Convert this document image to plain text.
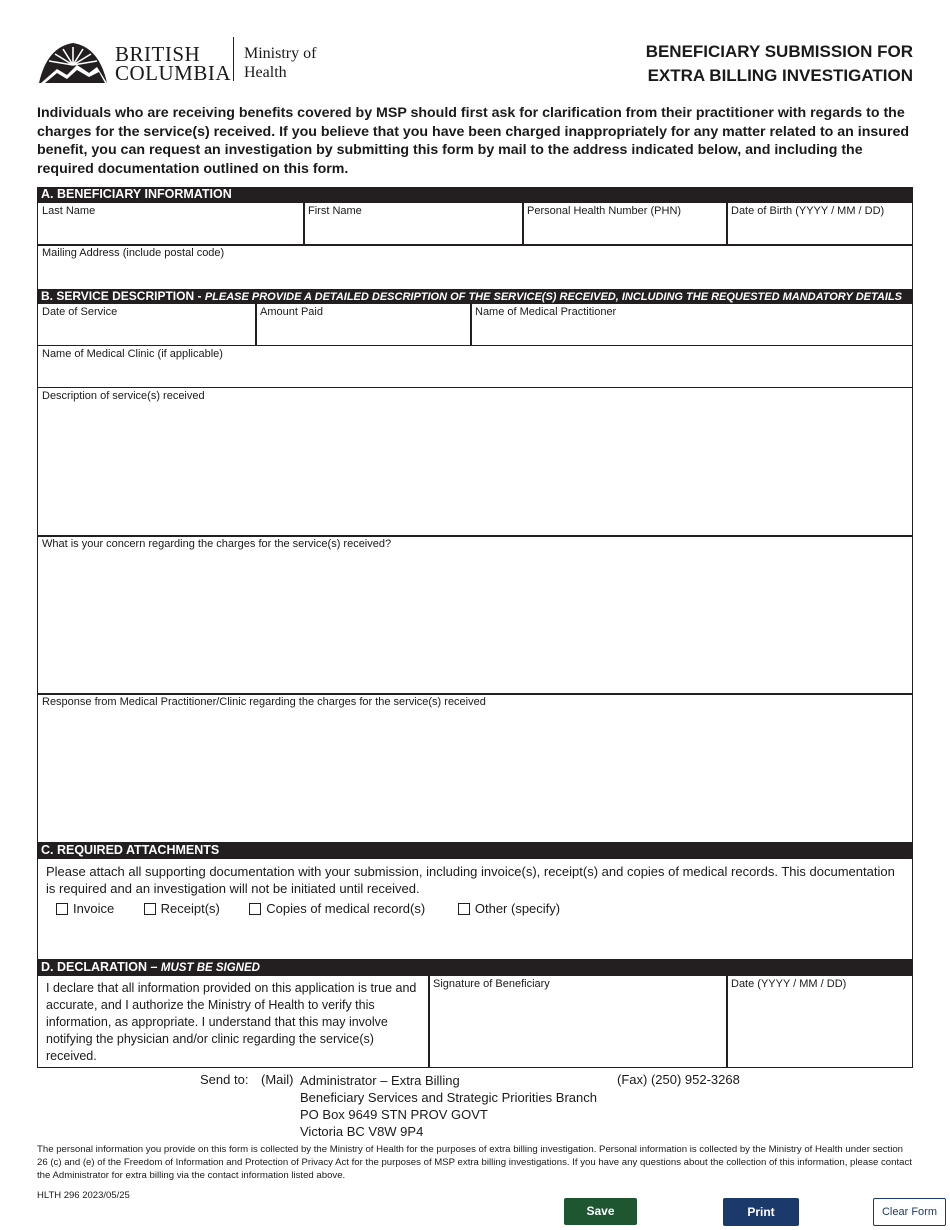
BRITISH
COLUMBIA
Ministry of
Health
BENEFICIARY SUBMISSION FOR
EXTRA BILLING INVESTIGATION
Individuals who are receiving benefits covered by MSP should first ask for clarification from their practitioner with regards to the charges for the service(s) received. If you believe that you have been charged inappropriately for any matter related to an insured benefit, you can request an investigation by submitting this form by mail to the address indicated below, and including the required documentation outlined on this form.
A. BENEFICIARY INFORMATION
Last Name	First Name	Personal Health Number (PHN)	Date of Birth (YYYY / MM / DD)
Mailing Address (include postal code)
B. SERVICE DESCRIPTION - PLEASE PROVIDE A DETAILED DESCRIPTION OF THE SERVICE(S) RECEIVED, INCLUDING THE REQUESTED MANDATORY DETAILS
Date of Service	Amount Paid	Name of Medical Practitioner
Name of Medical Clinic (if applicable)
Description of service(s) received
What is your concern regarding the charges for the service(s) received?
Response from Medical Practitioner/Clinic regarding the charges for the service(s) received
C. REQUIRED ATTACHMENTS
Please attach all supporting documentation with your submission, including invoice(s), receipt(s) and copies of medical records. This documentation is required and an investigation will not be initiated until received.
Invoice	Receipt(s)	Copies of medical record(s)	Other (specify)
D. DECLARATION – MUST BE SIGNED
I declare that all information provided on this application is true and accurate, and I authorize the Ministry of Health to verify this information, as appropriate. I understand that this may involve notifying the physician and/or clinic regarding the service(s) received.
Signature of Beneficiary	Date (YYYY / MM / DD)
Send to: (Mail) Administrator – Extra Billing
Beneficiary Services and Strategic Priorities Branch
PO Box 9649 STN PROV GOVT
Victoria BC V8W 9P4
(Fax) (250) 952-3268
The personal information you provide on this form is collected by the Ministry of Health for the purposes of extra billing investigation. Personal information is collected by the Ministry of Health under section 26 (c) and (e) of the Freedom of Information and Protection of Privacy Act for the purposes of MSP extra billing investigations. If you have any questions about the collection of this information, please contact the Administrator for extra billing via the contact information listed above.
HLTH 296 2023/05/25
Save	Print	Clear Form
